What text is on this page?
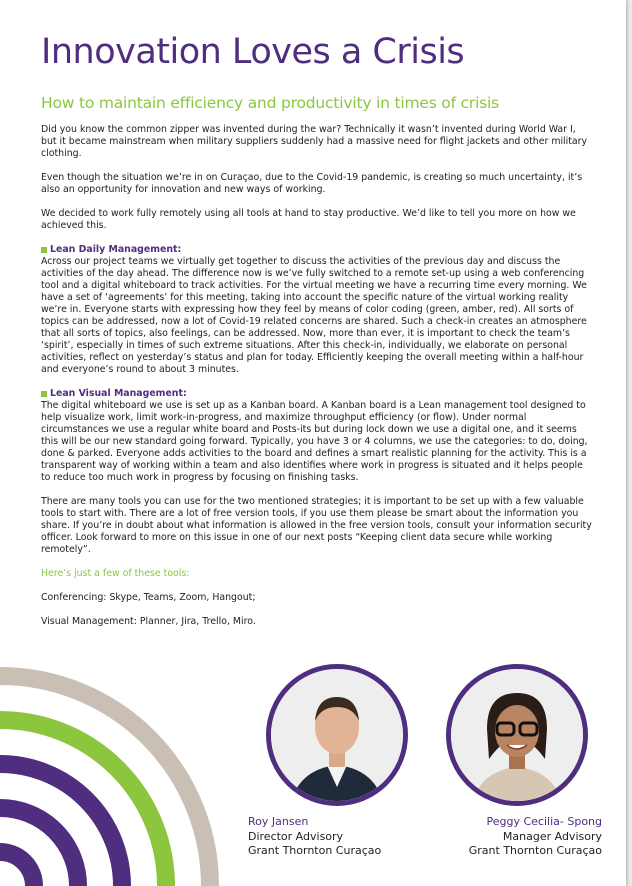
Innovation Loves a Crisis
How to maintain efficiency and productivity in times of crisis

Did you know the common zipper was invented during the war? Technically it wasn’t invented during World War I, but it became mainstream when military suppliers suddenly had a massive need for flight jackets and other military clothing.

Even though the situation we’re in on Curaçao, due to the Covid-19 pandemic, is creating so much uncertainty, it’s also an opportunity for innovation and new ways of working.

We decided to work fully remotely using all tools at hand to stay productive. We’d like to tell you more on how we achieved this.

Lean Daily Management:

Across our project teams we virtually get together to discuss the activities of the previous day and discuss the activities of the day ahead. The difference now is we’ve fully switched to a remote set-up using a web conferencing tool and a digital whiteboard to track activities. For the virtual meeting we have a recurring time every morning. We have a set of ‘agreements’ for this meeting, taking into account the specific nature of the virtual working reality we’re in. Everyone starts with expressing how they feel by means of color coding (green, amber, red). All sorts of topics can be addressed, now a lot of Covid-19 related concerns are shared. Such a check-in creates an atmosphere that all sorts of topics, also feelings, can be addressed. Now, more than ever, it is important to check the team’s ‘spirit’, especially in times of such extreme situations. After this check-in, individually, we elaborate on personal activities, reflect on yesterday’s status and plan for today. Efficiently keeping the overall meeting within a half-hour and everyone’s round to about 3 minutes.

Lean Visual Management:

The digital whiteboard we use is set up as a Kanban board. A Kanban board is a Lean management tool designed to help visualize work, limit work-in-progress, and maximize throughput efficiency (or flow). Under normal circumstances we use a regular white board and Posts-its but during lock down we use a digital one, and it seems this will be our new standard going forward. Typically, you have 3 or 4 columns, we use the categories: to do, doing, done & parked. Everyone adds activities to the board and defines a smart realistic planning for the activity. This is a transparent way of working within a team and also identifies where work in progress is situated and it helps people to reduce too much work in progress by focusing on finishing tasks.

There are many tools you can use for the two mentioned strategies; it is important to be set up with a few valuable tools to start with. There are a lot of free version tools, if you use them please be smart about the information you share. If you’re in doubt about what information is allowed in the free version tools, consult your information security officer. Look forward to more on this issue in one of our next posts “Keeping client data secure while working remotely”.

Here’s just a few of these tools:

Conferencing: Skype, Teams, Zoom, Hangout;

Visual Management: Planner, Jira, Trello, Miro.

Roy Jansen
Director Advisory
Grant Thornton Curaçao
Peggy Cecilia- Spong
Manager Advisory
Grant Thornton Curaçao
